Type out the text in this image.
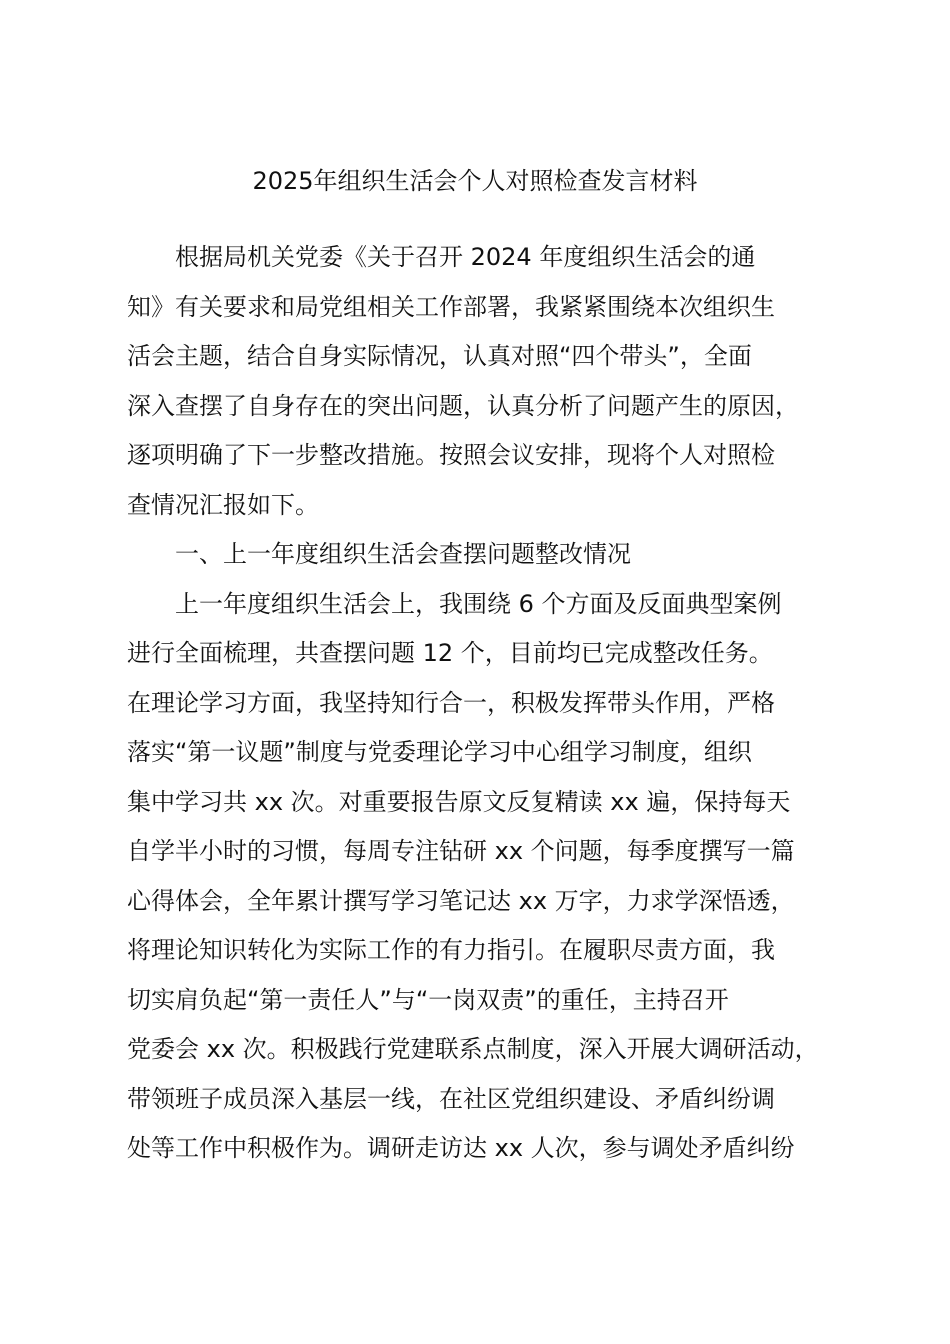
2025年组织生活会个人对照检查发言材料
根据局机关党委《关于召开 2024 年度组织生活会的通
知》有关要求和局党组相关工作部署，我紧紧围绕本次组织生
活会主题，结合自身实际情况，认真对照“四个带头”，全面
深入查摆了自身存在的突出问题，认真分析了问题产生的原因，
逐项明确了下一步整改措施。按照会议安排，现将个人对照检
查情况汇报如下。
一、上一年度组织生活会查摆问题整改情况
上一年度组织生活会上，我围绕 6 个方面及反面典型案例
进行全面梳理，共查摆问题 12 个，目前均已完成整改任务。
在理论学习方面，我坚持知行合一，积极发挥带头作用，严格
落实“第一议题”制度与党委理论学习中心组学习制度，组织
集中学习共 xx 次。对重要报告原文反复精读 xx 遍，保持每天
自学半小时的习惯，每周专注钻研 xx 个问题，每季度撰写一篇
心得体会，全年累计撰写学习笔记达 xx 万字，力求学深悟透，
将理论知识转化为实际工作的有力指引。在履职尽责方面，我
切实肩负起“第一责任人”与“一岗双责”的重任，主持召开
党委会 xx 次。积极践行党建联系点制度，深入开展大调研活动，
带领班子成员深入基层一线，在社区党组织建设、矛盾纠纷调
处等工作中积极作为。调研走访达 xx 人次，参与调处矛盾纠纷
